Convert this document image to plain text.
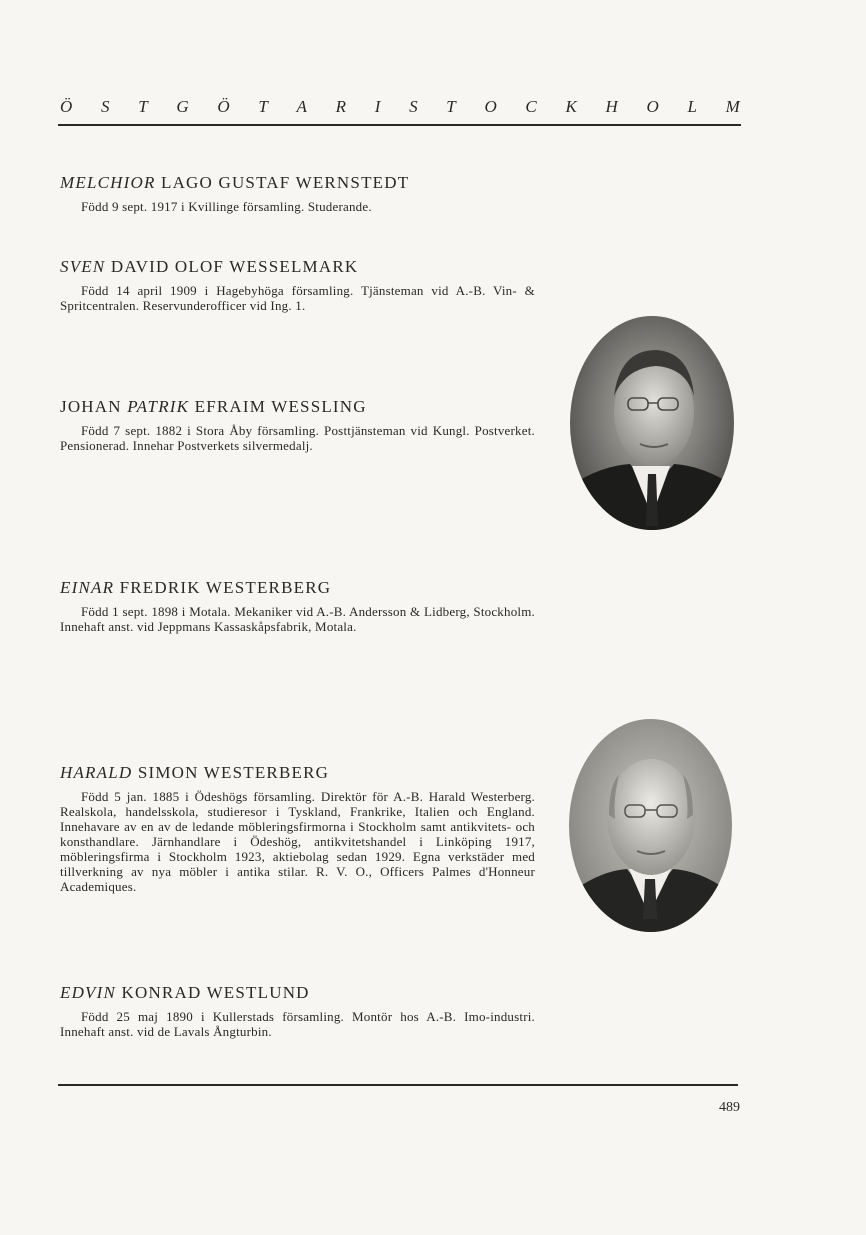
Ö S T G Ö T A R I S T O C K H O L M

MELCHIOR LAGO GUSTAF WERNSTEDT

Född 9 sept. 1917 i Kvillinge församling. Studerande.

SVEN DAVID OLOF WESSELMARK

Född 14 april 1909 i Hagebyhöga församling. Tjänsteman vid A.-B. Vin- & Spritcentralen. Reservunderofficer vid Ing. 1.

JOHAN PATRIK EFRAIM WESSLING

Född 7 sept. 1882 i Stora Åby församling. Posttjänsteman vid Kungl. Postverket. Pensionerad. Innehar Postverkets silvermedalj.

EINAR FREDRIK WESTERBERG

Född 1 sept. 1898 i Motala. Mekaniker vid A.-B. Andersson & Lidberg, Stockholm. Innehaft anst. vid Jeppmans Kassaskåpsfabrik, Motala.

HARALD SIMON WESTERBERG

Född 5 jan. 1885 i Ödeshögs församling. Direktör för A.-B. Harald Westerberg. Realskola, handelsskola, studieresor i Tyskland, Frankrike, Italien och England. Innehavare av en av de ledande möbleringsfirmorna i Stockholm samt antikvitets- och konsthandlare. Järnhandlare i Ödeshög, antikvitetshandel i Linköping 1917, möbleringsfirma i Stockholm 1923, aktiebolag sedan 1929. Egna verkstäder med tillverkning av nya möbler i antika stilar. R. V. O., Officers Palmes d'Honneur Academiques.

EDVIN KONRAD WESTLUND

Född 25 maj 1890 i Kullerstads församling. Montör hos A.-B. Imo-industri. Innehaft anst. vid de Lavals Ångturbin.

489
